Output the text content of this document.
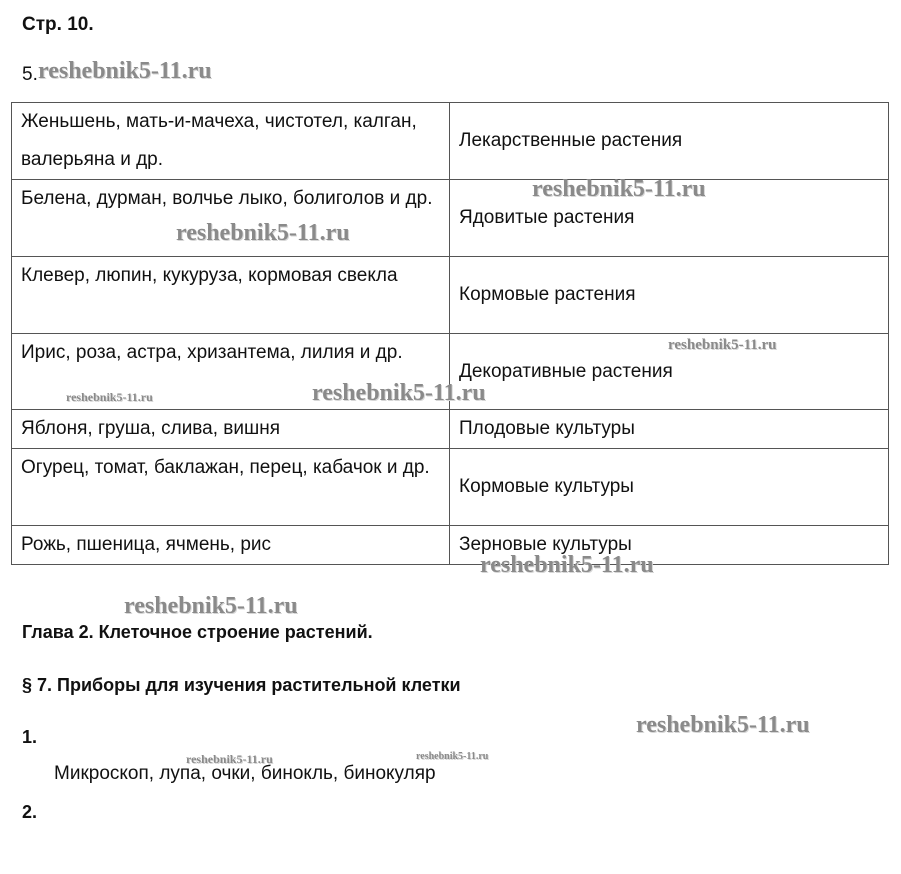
Стр. 10.
5. reshebnik5-11.ru
Женьшень, мать-и-мачеха, чистотел, калган, валерьяна и др.	Лекарственные растения
Белена, дурман, волчье лыко, болиголов и др.	Ядовитые растения
Клевер, люпин, кукуруза, кормовая свекла	Кормовые растения
Ирис, роза, астра, хризантема, лилия и др.	Декоративные растения
Яблоня, груша, слива, вишня	Плодовые культуры
Огурец, томат, баклажан, перец, кабачок и др.	Кормовые культуры
Рожь, пшеница, ячмень, рис	Зерновые культуры
reshebnik5-11.ru
reshebnik5-11.ru
reshebnik5-11.ru
reshebnik5-11.ru
reshebnik5-11.ru
reshebnik5-11.ru
reshebnik5-11.ru
Глава 2. Клеточное строение растений.
§ 7. Приборы для изучения растительной клетки
reshebnik5-11.ru
1.
reshebnik5-11.ru	reshebnik5-11.ru
Микроскоп, лупа, очки, бинокль, бинокуляр
2.
